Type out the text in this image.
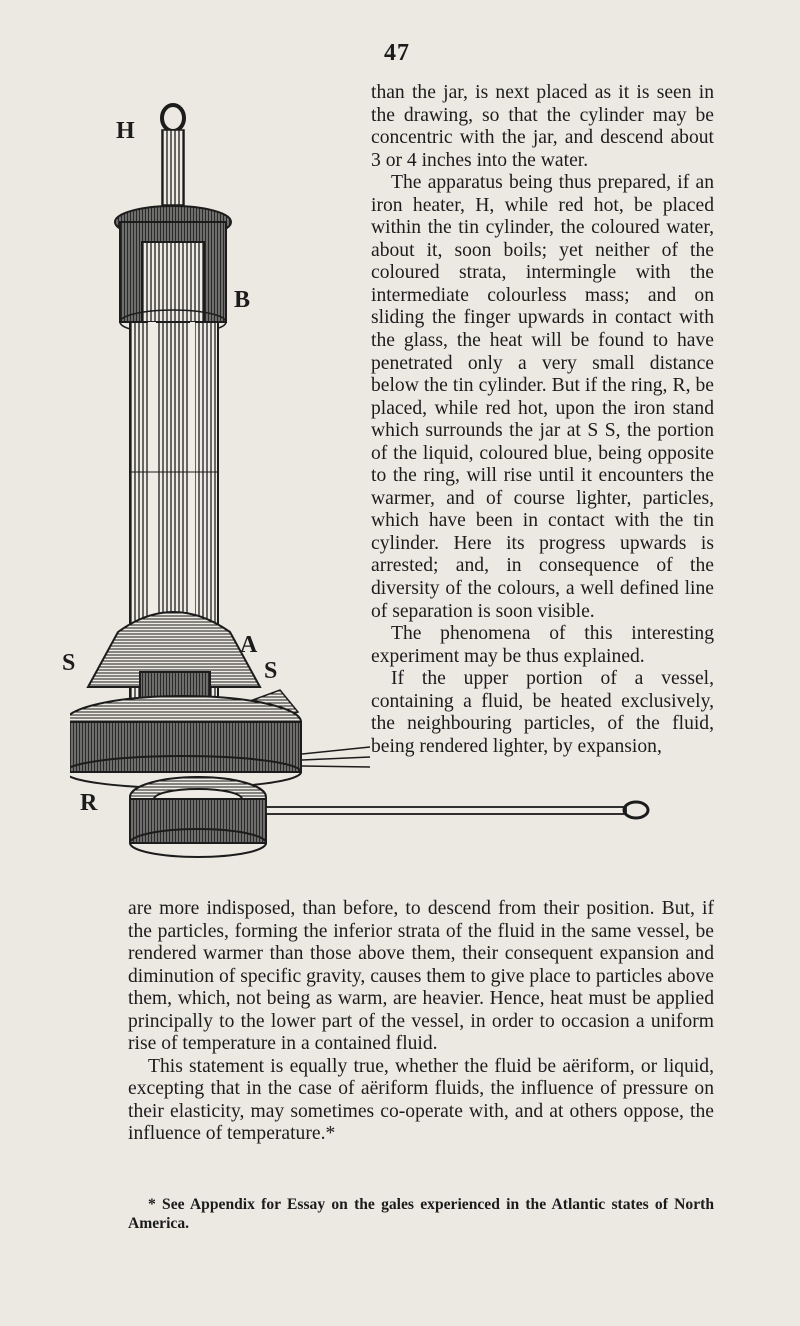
47
H
B
A
S	S
R

than the jar, is next placed as it is seen in the drawing, so that the cylinder may be concentric with the jar, and descend about 3 or 4 inches into the water.

The apparatus being thus prepared, if an iron heater, H, while red hot, be placed within the tin cylinder, the coloured water, about it, soon boils; yet neither of the coloured strata, intermingle with the intermediate colourless mass; and on sliding the finger upwards in contact with the glass, the heat will be found to have penetrated only a very small distance below the tin cylinder. But if the ring, R, be placed, while red hot, upon the iron stand which surrounds the jar at S S, the portion of the liquid, coloured blue, being opposite to the ring, will rise until it encounters the warmer, and of course lighter, particles, which have been in contact with the tin cylinder. Here its progress upwards is arrested; and, in consequence of the diversity of the colours, a well defined line of separation is soon visible.

The phenomena of this interesting experiment may be thus explained.

If the upper portion of a vessel, containing a fluid, be heated exclusively, the neighbouring particles, of the fluid, being rendered lighter, by expansion,

are more indisposed, than before, to descend from their position. But, if the particles, forming the inferior strata of the fluid in the same vessel, be rendered warmer than those above them, their consequent expansion and diminution of specific gravity, causes them to give place to particles above them, which, not being as warm, are heavier. Hence, heat must be applied principally to the lower part of the vessel, in order to occasion a uniform rise of temperature in a contained fluid.

This statement is equally true, whether the fluid be aëriform, or liquid, excepting that in the case of aëriform fluids, the influence of pressure on their elasticity, may sometimes co-operate with, and at others oppose, the influence of temperature.*

* See Appendix for Essay on the gales experienced in the Atlantic states of North America.
